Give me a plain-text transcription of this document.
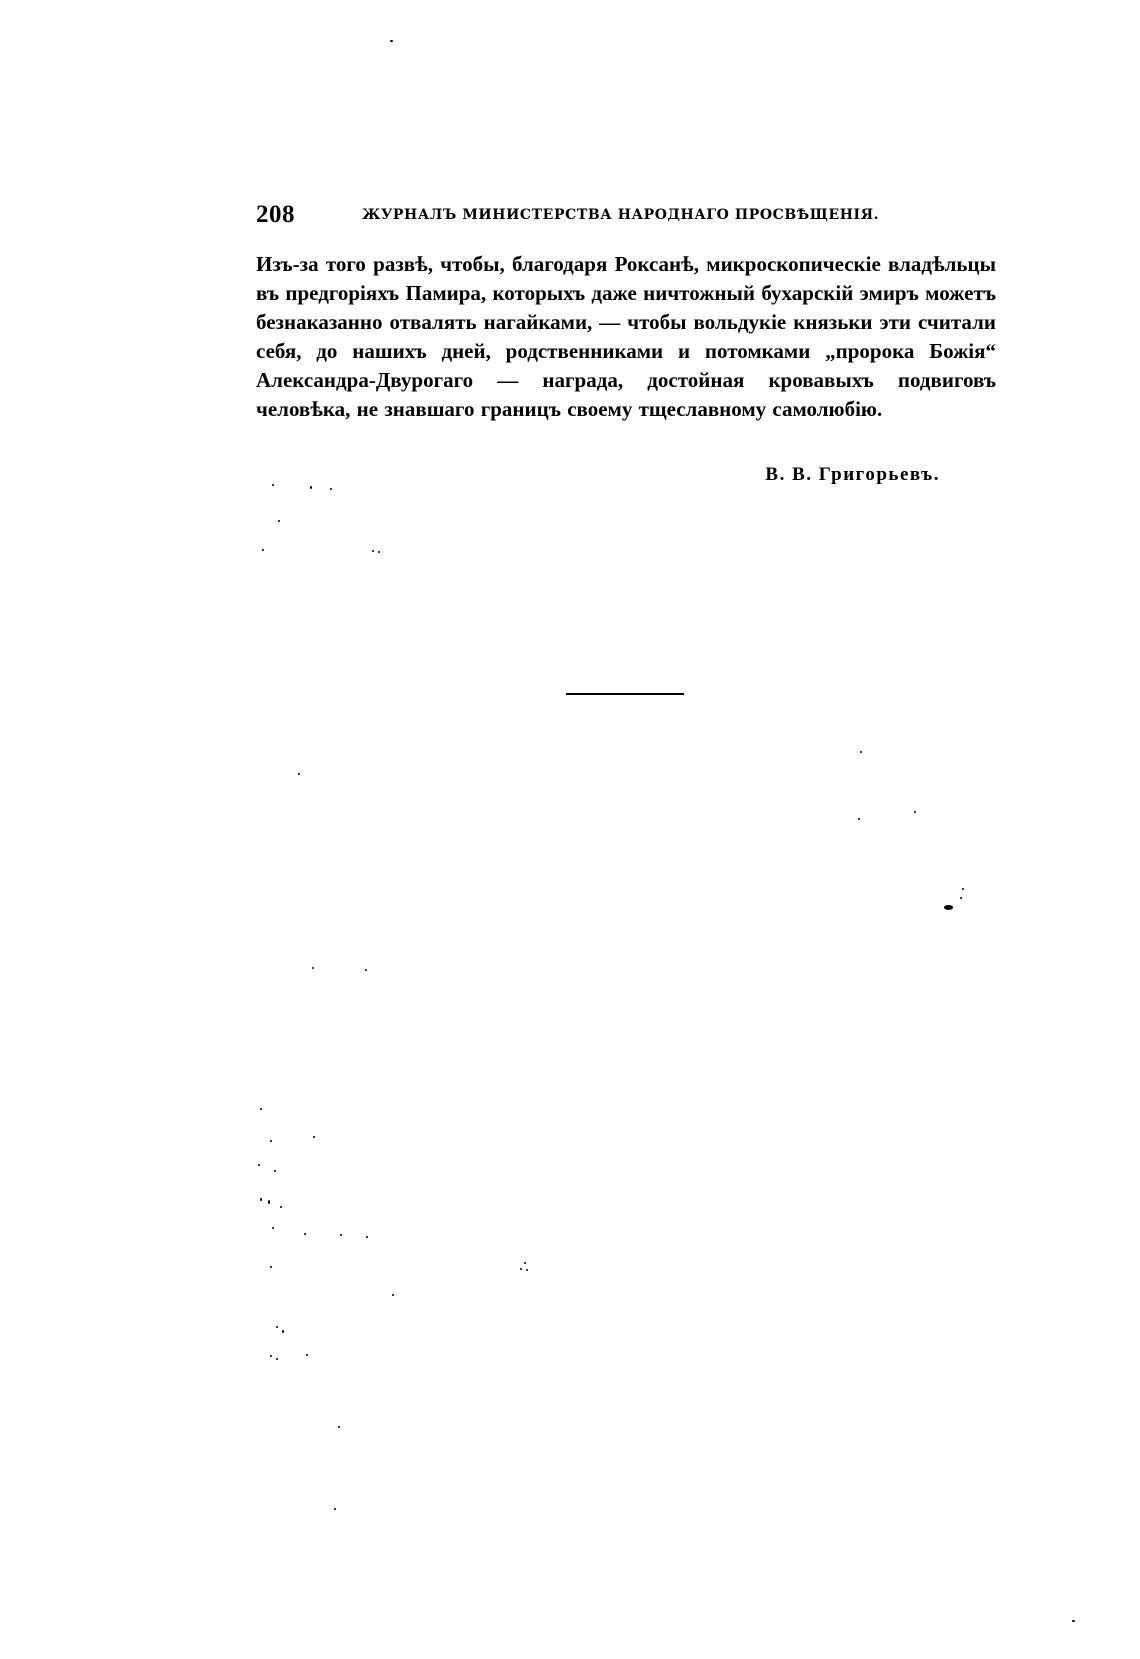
208	ЖУРНАЛЪ МИНИСТЕРСТВА НАРОДНАГО ПРОСВѢЩЕНІЯ.

Изъ-за того развѣ, чтобы, благодаря Роксанѣ, микроскопическіе владѣльцы въ предгоріяхъ Памира, которыхъ даже ничтожный бухарскій эмиръ можетъ безнаказанно отвалять нагайками, — чтобы вольдукіе князьки эти считали себя, до нашихъ дней, родственниками и потомками „пророка Божія“ Александра-Двурогаго — награда, достойная кровавыхъ подвиговъ человѣка, не знавшаго границъ своему тщеславному самолюбію.

В. В. Григорьевъ.
